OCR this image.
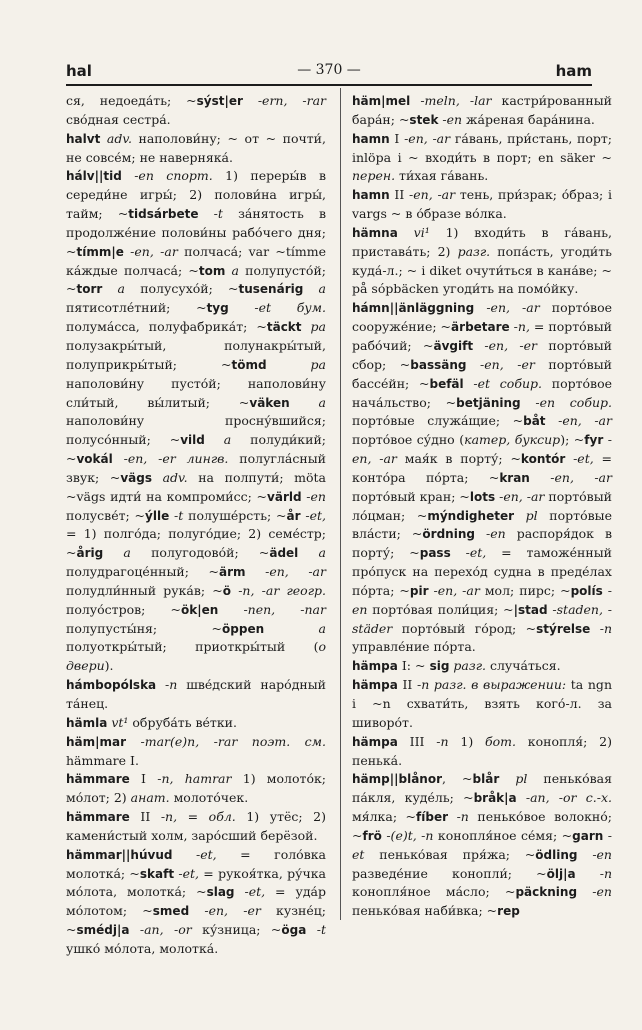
hal	— 370 —	ham

ся, недоеда́ть; ~sýst|er -ern, -rar сво́дная сестра́.

halvt adv. наполови́ну; ~ от ~ почти́, не совсе́м; не наверняка́.

hálv||tid -en спорт. 1) переры́в в середи́не игры́; 2) полови́на игры́, тайм; ~tidsárbete -t за́нятость в продолже́ние полови́ны рабо́чего дня; ~tímm|e -en, -ar полчаса́; var ~tímme ка́ждые полчаса́; ~tom a полупусто́й; ~torr a полусухо́й; ~tusenárig a пятисотле́тний; ~tyg -et бум. полума́сса, полуфабрика́т; ~täckt pa полузакры́тый, полунакры́тый, полуприкры́тый; ~tömd pa наполови́ну пусто́й; наполови́ну сли́тый, вы́литый; ~väken a наполови́ну просну́вшийся; полусо́нный; ~vild a полуди́кий; ~vokál -en, -er лингв. полугла́сный звук; ~vägs adv. на полпути́; möta ~vägs идти́ на компроми́сс; ~värld -en полусве́т; ~ýlle -t полуше́рсть; ~år -et, = 1) полго́да; полуго́дие; 2) семе́стр; ~årig a полугодово́й; ~ädel a полудрагоце́нный; ~ärm -en, -ar полудли́нный рука́в; ~ö -n, -ar геогр. полуо́стров; ~ök|en -nen, -nar полупусты́ня; ~öppen a полуоткры́тый; приоткры́тый (о двери).

hámbopólska -n шве́дский наро́дный та́нец.

hämla vt¹ обруба́ть ве́тки.

häm|mar -mar(e)n, -rar поэт. см. hämmare I.

hämmare I -n, hamrar 1) молото́к; мо́лот; 2) анат. молото́чек.

hämmare II -n, = обл. 1) утёс; 2) камени́стый холм, заро́сший берёзой.

hämmar||húvud -et, = голо́вка молотка́; ~skaft -et, = рукоя́тка, ру́чка мо́лота, молотка́; ~slag -et, = уда́р мо́лотом; ~smed -en, -er кузне́ц; ~smédj|a -an, -or ку́зница; ~öga -t ушко́ мо́лота, молотка́.

häm|mel -meln, -lar кастри́рованный бара́н; ~stek -en жа́реная бара́нина.

hamn I -en, -ar га́вань, при́стань, порт; inlöpa i ~ входи́ть в порт; en säker ~ перен. ти́хая га́вань.

hamn II -en, -ar тень, при́зрак; о́браз; i vargs ~ в о́бразе во́лка.

hämna vi¹ 1) входи́ть в га́вань, пристава́ть; 2) разг. попа́сть, угоди́ть куда́-л.; ~ i diket очути́ться в кана́ве; ~ på sópbäcken угоди́ть на помо́йку.

hámn||änläggning -en, -ar порто́вое сооруже́ние; ~ärbetare -n, = порто́вый рабо́чий; ~ävgift -en, -er порто́вый сбор; ~bassäng -en, -er порто́вый бассе́йн; ~befäl -et собир. порто́вое нача́льство; ~betjäning -en собир. порто́вые служа́щие; ~båt -en, -ar порто́вое су́дно (катер, буксир); ~fyr -en, -ar мая́к в порту́; ~kontór -et, = конто́ра по́рта; ~kran -en, -ar порто́вый кран; ~lots -en, -ar порто́вый ло́цман; ~mýndigheter pl порто́вые вла́сти; ~ördning -en распоря́док в порту́; ~pass -et, = таможе́нный про́пуск на перехо́д судна в преде́лах по́рта; ~pir -en, -ar мол; пирс; ~polís -en порто́вая поли́ция; ~|stad -staden, -städer порто́вый го́род; ~stýrelse -n управле́ние по́рта.

hämpa I: ~ sig разг. случа́ться.

hämpa II -n разг. в выражении: ta ngn i ~n схвати́ть, взять кого́-л. за шиворо́т.

hämpa III -n 1) бот. конопля́; 2) пенька́.

hämp||blånor, ~blår pl пенько́вая па́кля, куде́ль; ~bråk|a -an, -or с.-х. мя́лка; ~fíber -n пенько́вое волокно́; ~frö -(e)t, -n конопля́ное се́мя; ~garn -et пенько́вая пря́жа; ~ödling -en разведе́ние конопли́; ~ölj|a -n конопля́ное ма́сло; ~päckning -en пенько́вая наби́вка; ~rep
